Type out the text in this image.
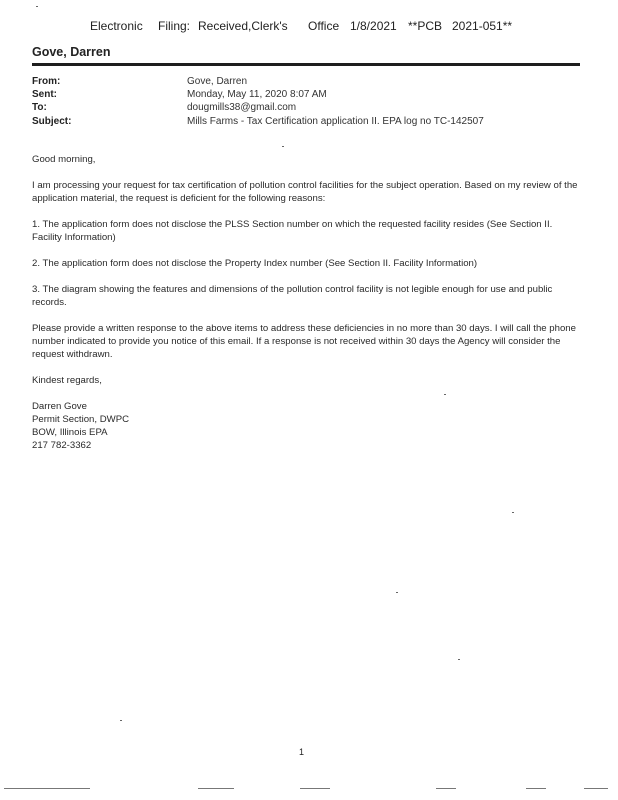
Electronic	Filing: Received,Clerk's	Office 1/8/2021 **PCB 2021-051**
Gove, Darren
From:	Gove, Darren
Sent:	Monday, May 11, 2020 8:07 AM
To:	dougmills38@gmail.com
Subject:	Mills Farms - Tax Certification application II. EPA log no TC-142507

Good morning,

I am processing your request for tax certification of pollution control facilities for the subject operation. Based on my review of the application material, the request is deficient for the following reasons:

1. The application form does not disclose the PLSS Section number on which the requested facility resides (See Section II. Facility Information)

2. The application form does not disclose the Property Index number (See Section II. Facility Information)

3. The diagram showing the features and dimensions of the pollution control facility is not legible enough for use and public records.

Please provide a written response to the above items to address these deficiencies in no more than 30 days. I will call the phone number indicated to provide you notice of this email. If a response is not received within 30 days the Agency will consider the request withdrawn.

Kindest regards,

Darren Gove

Permit Section, DWPC

BOW, Illinois EPA

217 782-3362

1
